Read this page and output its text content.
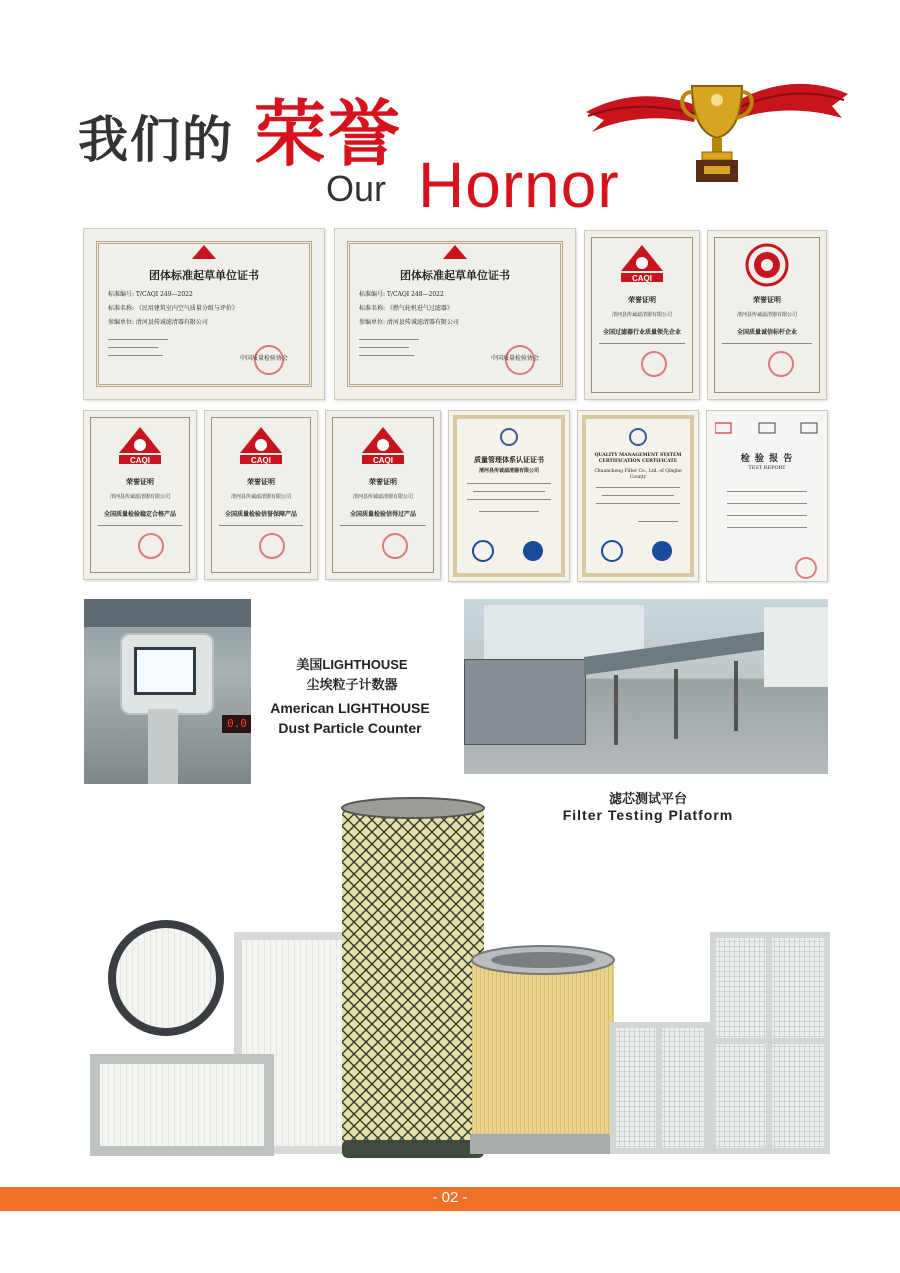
我们的 荣誉
Our Hornor
团体标准起草单位证书
标准编号: T/CAQI 249—2022
标准名称: 《民用建筑室内空气质量分级与评价》
参编单位: 清河县传诚滤清器有限公司
中国质量检验协会
团体标准起草单位证书
标准编号: T/CAQI 248—2022
标准名称: 《燃气轮机进气过滤器》
参编单位: 清河县传诚滤清器有限公司
中国质量检验协会
CAQI
荣誉证明
清河县传诚滤清器有限公司
全国过滤器行业质量领先企业
荣誉证明
清河县传诚滤清器有限公司
全国质量诚信标杆企业
CAQI
荣誉证明
清河县传诚滤清器有限公司
全国质量检验稳定合格产品
CAQI
荣誉证明
清河县传诚滤清器有限公司
全国质量检验信誉保障产品
CAQI
荣誉证明
清河县传诚滤清器有限公司
全国质量检验信得过产品
质量管理体系认证证书
清河县传诚滤清器有限公司
QUALITY MANAGEMENT SYSTEM CERTIFICATION CERTIFICATE
Chuancheng Filter Co., Ltd. of Qinghe County
检 验 报 告
TEST REPORT
0.0
美国LIGHTHOUSE
尘埃粒子计数器
American LIGHTHOUSE
Dust Particle Counter
滤芯测试平台
Filter Testing Platform
- 02 -
